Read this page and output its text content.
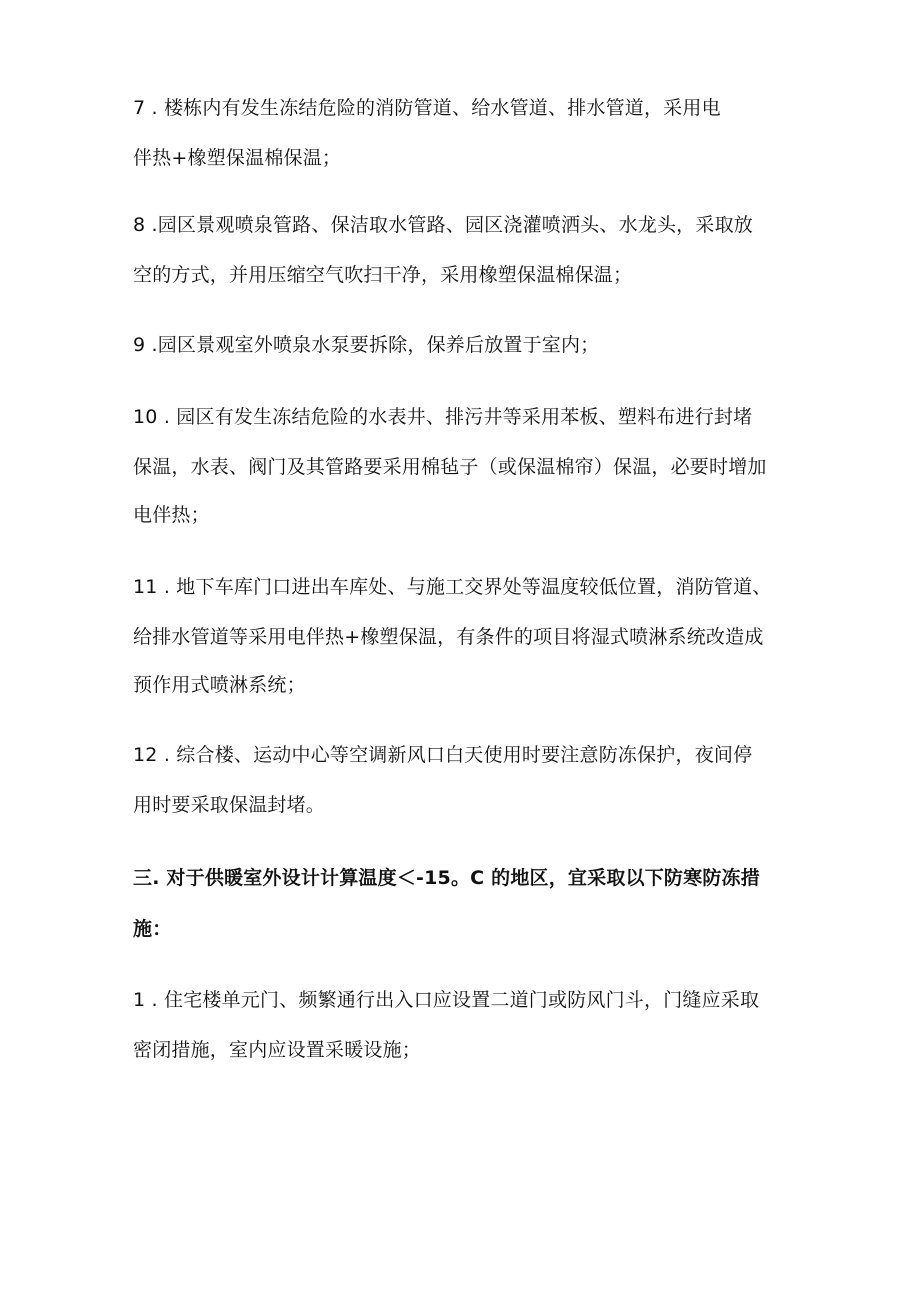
7 . 楼栋内有发生冻结危险的消防管道、给水管道、排水管道，采用电
伴热+橡塑保温棉保温；
8 .园区景观喷泉管路、保洁取水管路、园区浇灌喷洒头、水龙头，采取放
空的方式，并用压缩空气吹扫干净，采用橡塑保温棉保温；
9 .园区景观室外喷泉水泵要拆除，保养后放置于室内；
10 . 园区有发生冻结危险的水表井、排污井等采用苯板、塑料布进行封堵
保温，水表、阀门及其管路要采用棉毡子（或保温棉帘）保温，必要时增加
电伴热；
11 . 地下车库门口进出车库处、与施工交界处等温度较低位置，消防管道、
给排水管道等采用电伴热+橡塑保温，有条件的项目将湿式喷淋系统改造成
预作用式喷淋系统；
12 . 综合楼、运动中心等空调新风口白天使用时要注意防冻保护，夜间停
用时要采取保温封堵。
三. 对于供暖室外设计计算温度＜-15。C 的地区，宜采取以下防寒防冻措
施：
1 . 住宅楼单元门、频繁通行出入口应设置二道门或防风门斗，门缝应采取
密闭措施，室内应设置采暖设施；
